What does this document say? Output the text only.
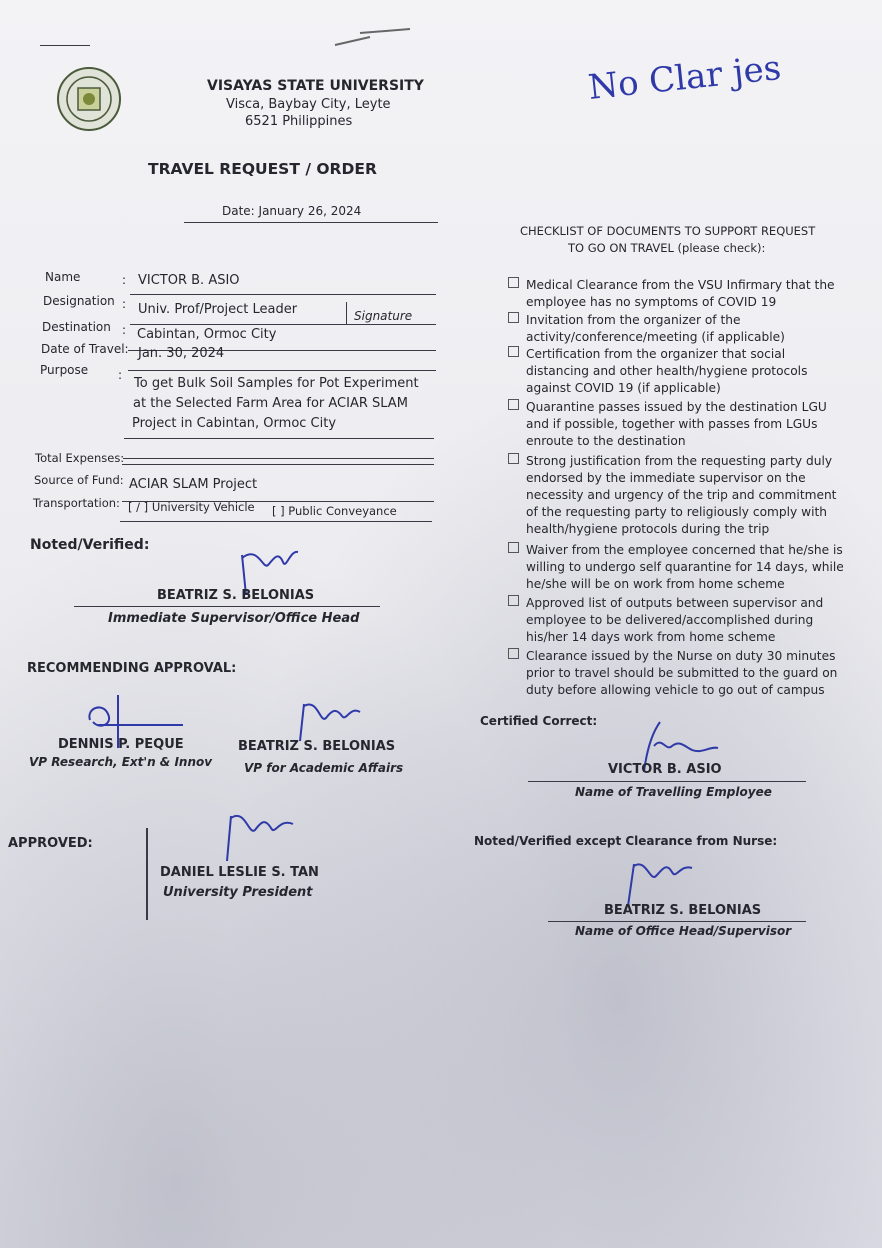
VISAYAS STATE UNIVERSITY
Visca, Baybay City, Leyte
6521 Philippines
No Clar jes
TRAVEL REQUEST / ORDER
Date: January 26, 2024
Name	: VICTOR B. ASIO
Designation : Univ. Prof/Project Leader	Signature
Destination : Cabintan, Ormoc City
Date of Travel: Jan. 30, 2024
Purpose :
To get Bulk Soil Samples for Pot Experiment
at the Selected Farm Area for ACIAR SLAM
Project in Cabintan, Ormoc City
Total Expenses:
Source of Fund: ACIAR SLAM Project
Transportation: [ / ] University Vehicle [ ] Public Conveyance
Noted/Verified:
BEATRIZ S. BELONIAS
Immediate Supervisor/Office Head
RECOMMENDING APPROVAL:
DENNIS P. PEQUE
VP Research, Ext'n & Innov
BEATRIZ S. BELONIAS
VP for Academic Affairs
APPROVED:
DANIEL LESLIE S. TAN
University President
CHECKLIST OF DOCUMENTS TO SUPPORT REQUEST
TO GO ON TRAVEL (please check):
Medical Clearance from the VSU Infirmary that the employee has no symptoms of COVID 19
Invitation from the organizer of the activity/conference/meeting (if applicable)
Certification from the organizer that social distancing and other health/hygiene protocols against COVID 19 (if applicable)
Quarantine passes issued by the destination LGU and if possible, together with passes from LGUs enroute to the destination
Strong justification from the requesting party duly endorsed by the immediate supervisor on the necessity and urgency of the trip and commitment of the requesting party to religiously comply with health/hygiene protocols during the trip
Waiver from the employee concerned that he/she is willing to undergo self quarantine for 14 days, while he/she will be on work from home scheme
Approved list of outputs between supervisor and employee to be delivered/accomplished during his/her 14 days work from home scheme
Clearance issued by the Nurse on duty 30 minutes prior to travel should be submitted to the guard on duty before allowing vehicle to go out of campus
Certified Correct:
VICTOR B. ASIO
Name of Travelling Employee
Noted/Verified except Clearance from Nurse:
BEATRIZ S. BELONIAS
Name of Office Head/Supervisor
